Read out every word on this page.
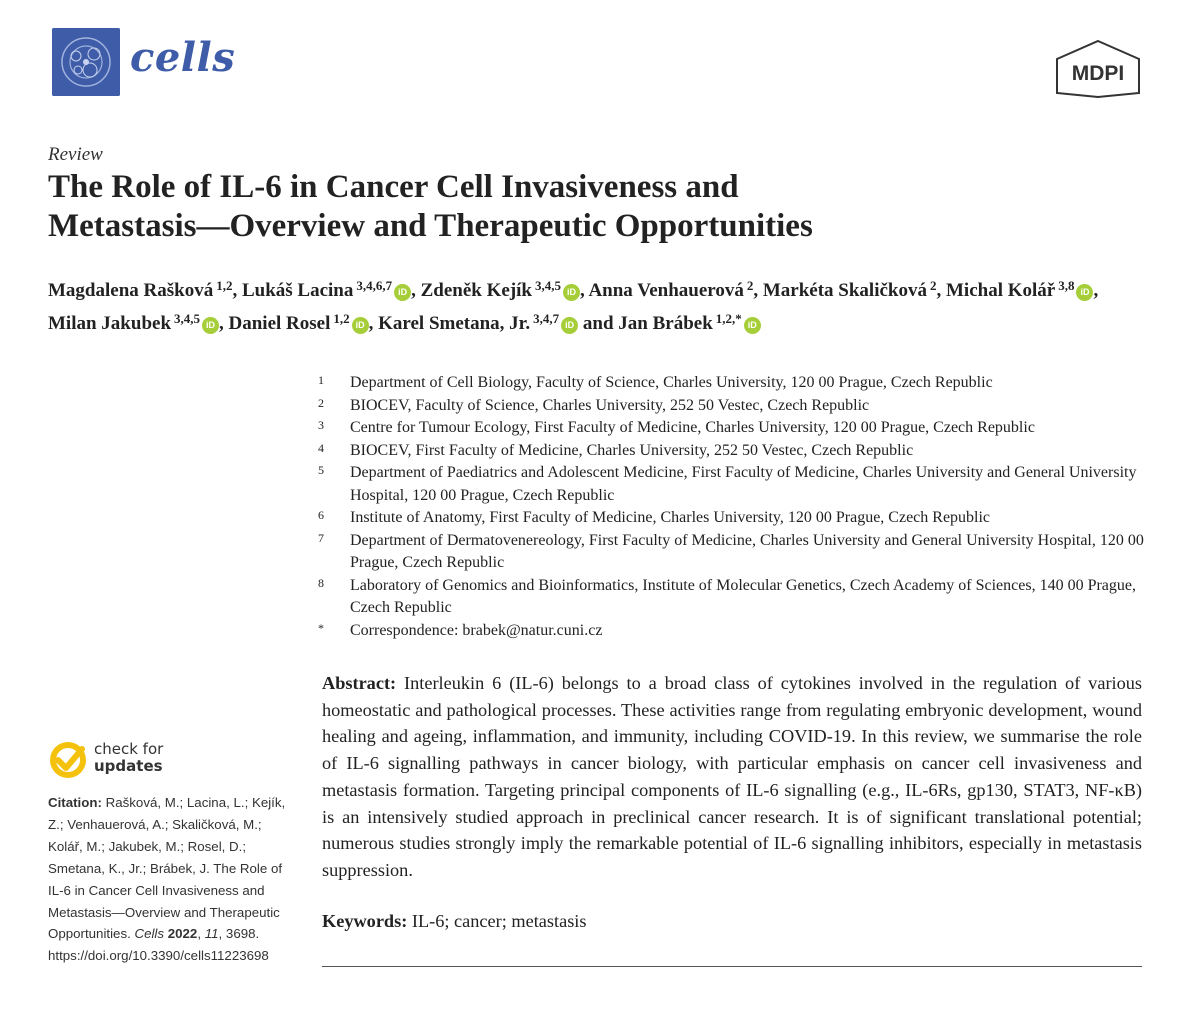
cells	MDPI
Review
The Role of IL-6 in Cancer Cell Invasiveness and
Metastasis—Overview and Therapeutic Opportunities
Magdalena Rašková $^{1,2}$, Lukáš Lacina $^{3,4,6,7}$ iD , Zdeněk Kejík $^{3,4,5}$ iD , Anna Venhauerová $^2$, Markéta Skaličková $^2$, Michal Kolář $^{3,8}$ iD , Milan Jakubek $^{3,4,5}$ iD , Daniel Rosel $^{1,2}$ iD , Karel Smetana, Jr. $^{3,4,7}$ iD and Jan Brábek $^{1,2,*}$ iD
1	Department of Cell Biology, Faculty of Science, Charles University, 120 00 Prague, Czech Republic
2	BIOCEV, Faculty of Science, Charles University, 252 50 Vestec, Czech Republic
3	Centre for Tumour Ecology, First Faculty of Medicine, Charles University, 120 00 Prague, Czech Republic
4	BIOCEV, First Faculty of Medicine, Charles University, 252 50 Vestec, Czech Republic
5	Department of Paediatrics and Adolescent Medicine, First Faculty of Medicine, Charles University and General University Hospital, 120 00 Prague, Czech Republic
6	Institute of Anatomy, First Faculty of Medicine, Charles University, 120 00 Prague, Czech Republic
7	Department of Dermatovenereology, First Faculty of Medicine, Charles University and General University Hospital, 120 00 Prague, Czech Republic
8	Laboratory of Genomics and Bioinformatics, Institute of Molecular Genetics, Czech Academy of Sciences, 140 00 Prague, Czech Republic
*	Correspondence: brabek@natur.cuni.cz
Abstract: Interleukin 6 (IL-6) belongs to a broad class of cytokines involved in the regulation of various homeostatic and pathological processes. These activities range from regulating embryonic development, wound healing and ageing, inflammation, and immunity, including COVID-19. In this review, we summarise the role of IL-6 signalling pathways in cancer biology, with particular emphasis on cancer cell invasiveness and metastasis formation. Targeting principal components of IL-6 signalling (e.g., IL-6Rs, gp130, STAT3, NF-κB) is an intensively studied approach in preclinical cancer research. It is of significant translational potential; numerous studies strongly imply the remarkable potential of IL-6 signalling inhibitors, especially in metastasis suppression.
Keywords: IL-6; cancer; metastasis
check for
updates
Citation: Rašková, M.; Lacina, L.; Kejík, Z.; Venhauerová, A.; Skaličková, M.; Kolář, M.; Jakubek, M.; Rosel, D.; Smetana, K., Jr.; Brábek, J. The Role of IL-6 in Cancer Cell Invasiveness and Metastasis—Overview and Therapeutic Opportunities. Cells 2022, 11, 3698. https://doi.org/10.3390/cells11223698
